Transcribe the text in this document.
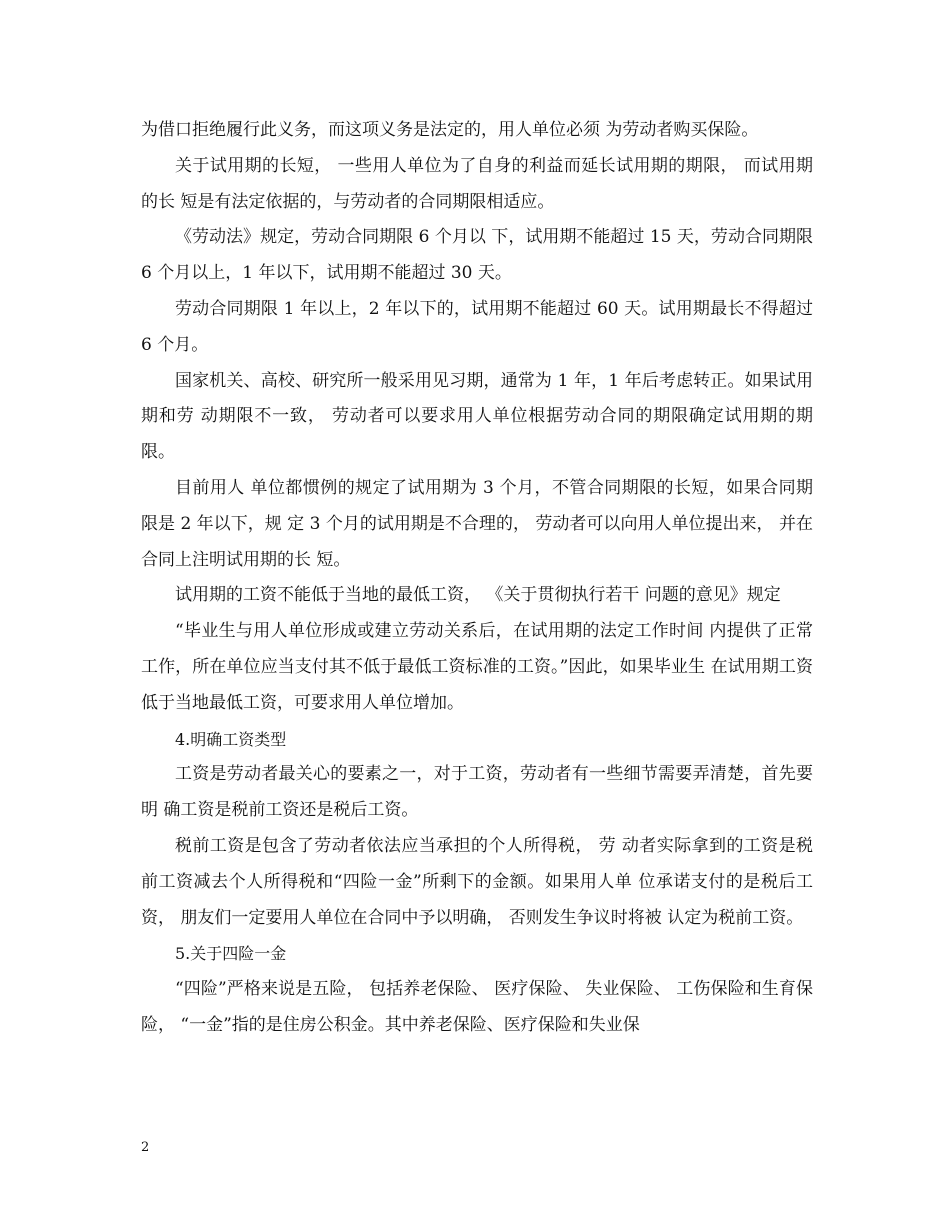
为借口拒绝履行此义务，而这项义务是法定的，用人单位必须 为劳动者购买保险。

关于试用期的长短， 一些用人单位为了自身的利益而延长试用期的期限， 而试用期的长 短是有法定依据的，与劳动者的合同期限相适应。

《劳动法》规定，劳动合同期限 6 个月以 下，试用期不能超过 15 天，劳动合同期限 6 个月以上，1 年以下，试用期不能超过 30 天。

劳动合同期限 1 年以上，2 年以下的，试用期不能超过 60 天。试用期最长不得超过 6 个月。

国家机关、高校、研究所一般采用见习期，通常为 1 年，1 年后考虑转正。如果试用期和劳 动期限不一致， 劳动者可以要求用人单位根据劳动合同的期限确定试用期的期限。

目前用人 单位都惯例的规定了试用期为 3 个月，不管合同期限的长短，如果合同期限是 2 年以下，规 定 3 个月的试用期是不合理的， 劳动者可以向用人单位提出来， 并在合同上注明试用期的长 短。

试用期的工资不能低于当地的最低工资， 《关于贯彻执行若干 问题的意见》规定

“毕业生与用人单位形成或建立劳动关系后，在试用期的法定工作时间 内提供了正常工作，所在单位应当支付其不低于最低工资标准的工资。”因此，如果毕业生 在试用期工资低于当地最低工资，可要求用人单位增加。

4.明确工资类型

工资是劳动者最关心的要素之一，对于工资，劳动者有一些细节需要弄清楚，首先要明 确工资是税前工资还是税后工资。

税前工资是包含了劳动者依法应当承担的个人所得税， 劳 动者实际拿到的工资是税前工资减去个人所得税和“四险一金”所剩下的金额。如果用人单 位承诺支付的是税后工资， 朋友们一定要用人单位在合同中予以明确， 否则发生争议时将被 认定为税前工资。

5.关于四险一金

“四险”严格来说是五险， 包括养老保险、 医疗保险、 失业保险、 工伤保险和生育保险， “一金”指的是住房公积金。其中养老保险、医疗保险和失业保

2
